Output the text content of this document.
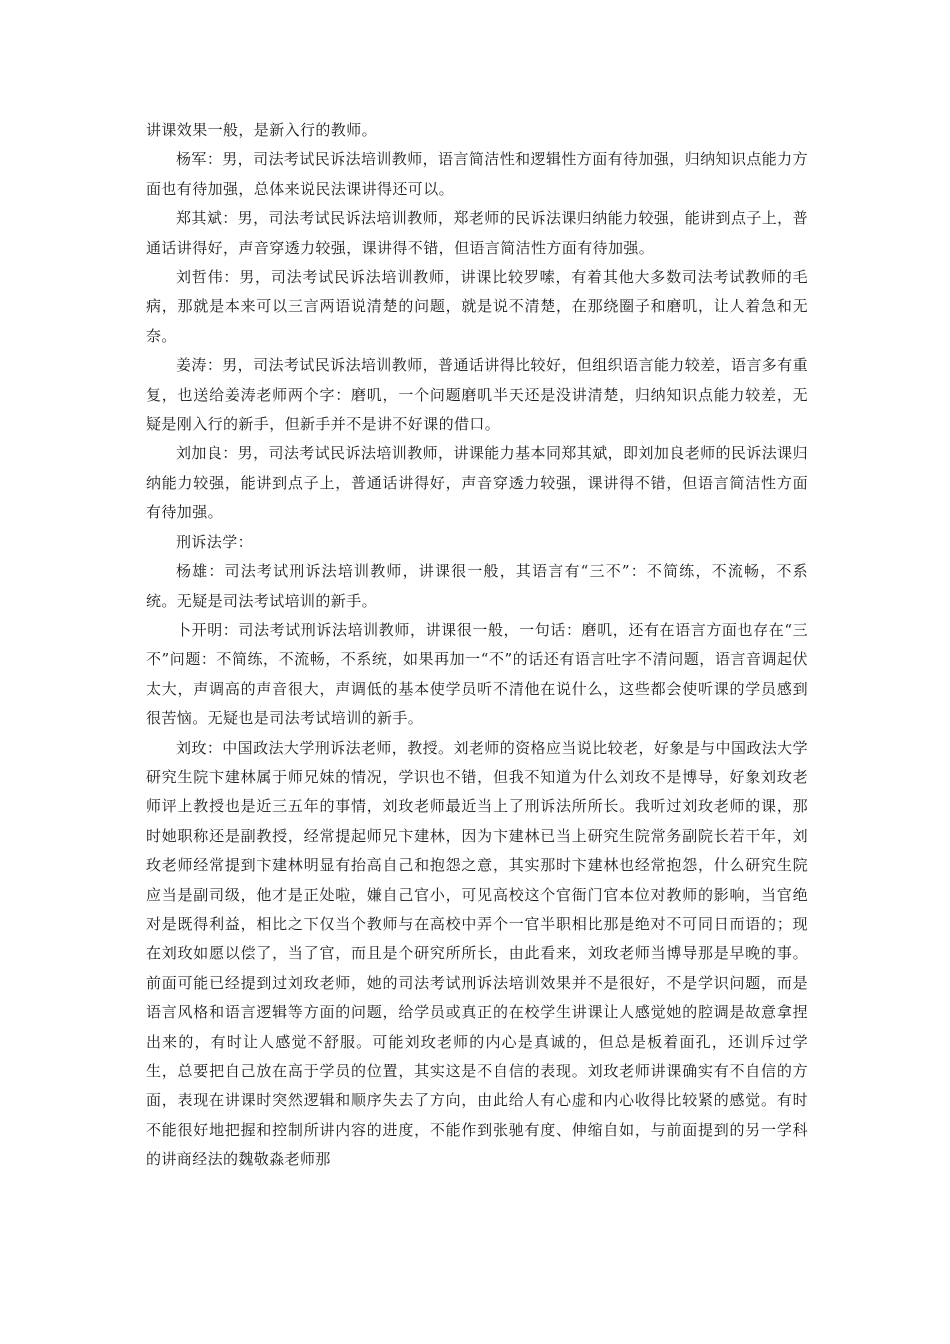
讲课效果一般，是新入行的教师。

杨军：男，司法考试民诉法培训教师，语言简洁性和逻辑性方面有待加强，归纳知识点能力方面也有待加强，总体来说民法课讲得还可以。

郑其斌：男，司法考试民诉法培训教师，郑老师的民诉法课归纳能力较强，能讲到点子上，普通话讲得好，声音穿透力较强，课讲得不错，但语言简洁性方面有待加强。

刘哲伟：男，司法考试民诉法培训教师，讲课比较罗嗦，有着其他大多数司法考试教师的毛病，那就是本来可以三言两语说清楚的问题，就是说不清楚，在那绕圈子和磨叽，让人着急和无奈。

姜涛：男，司法考试民诉法培训教师，普通话讲得比较好，但组织语言能力较差，语言多有重复，也送给姜涛老师两个字：磨叽，一个问题磨叽半天还是没讲清楚，归纳知识点能力较差，无疑是刚入行的新手，但新手并不是讲不好课的借口。

刘加良：男，司法考试民诉法培训教师，讲课能力基本同郑其斌，即刘加良老师的民诉法课归纳能力较强，能讲到点子上，普通话讲得好，声音穿透力较强，课讲得不错，但语言简洁性方面有待加强。

刑诉法学：

杨雄：司法考试刑诉法培训教师，讲课很一般，其语言有“三不”：不简练，不流畅，不系统。无疑是司法考试培训的新手。

卜开明：司法考试刑诉法培训教师，讲课很一般，一句话：磨叽，还有在语言方面也存在“三不”问题：不简练，不流畅，不系统，如果再加一“不”的话还有语言吐字不清问题，语言音调起伏太大，声调高的声音很大，声调低的基本使学员听不清他在说什么，这些都会使听课的学员感到很苦恼。无疑也是司法考试培训的新手。

刘玫：中国政法大学刑诉法老师，教授。刘老师的资格应当说比较老，好象是与中国政法大学研究生院卞建林属于师兄妹的情况，学识也不错，但我不知道为什么刘玫不是博导，好象刘玫老师评上教授也是近三五年的事情，刘玫老师最近当上了刑诉法所所长。我听过刘玫老师的课，那时她职称还是副教授，经常提起师兄卞建林，因为卞建林已当上研究生院常务副院长若干年，刘玫老师经常提到卞建林明显有抬高自己和抱怨之意，其实那时卞建林也经常抱怨，什么研究生院应当是副司级，他才是正处啦，嫌自己官小，可见高校这个官衙门官本位对教师的影响，当官绝对是既得利益，相比之下仅当个教师与在高校中弄个一官半职相比那是绝对不可同日而语的；现在刘玫如愿以偿了，当了官，而且是个研究所所长，由此看来，刘玫老师当博导那是早晚的事。前面可能已经提到过刘玫老师，她的司法考试刑诉法培训效果并不是很好，不是学识问题，而是语言风格和语言逻辑等方面的问题，给学员或真正的在校学生讲课让人感觉她的腔调是故意拿捏出来的，有时让人感觉不舒服。可能刘玫老师的内心是真诚的，但总是板着面孔，还训斥过学生，总要把自己放在高于学员的位置，其实这是不自信的表现。刘玫老师讲课确实有不自信的方面，表现在讲课时突然逻辑和顺序失去了方向，由此给人有心虚和内心收得比较紧的感觉。有时不能很好地把握和控制所讲内容的进度，不能作到张驰有度、伸缩自如，与前面提到的另一学科的讲商经法的魏敬淼老师那
